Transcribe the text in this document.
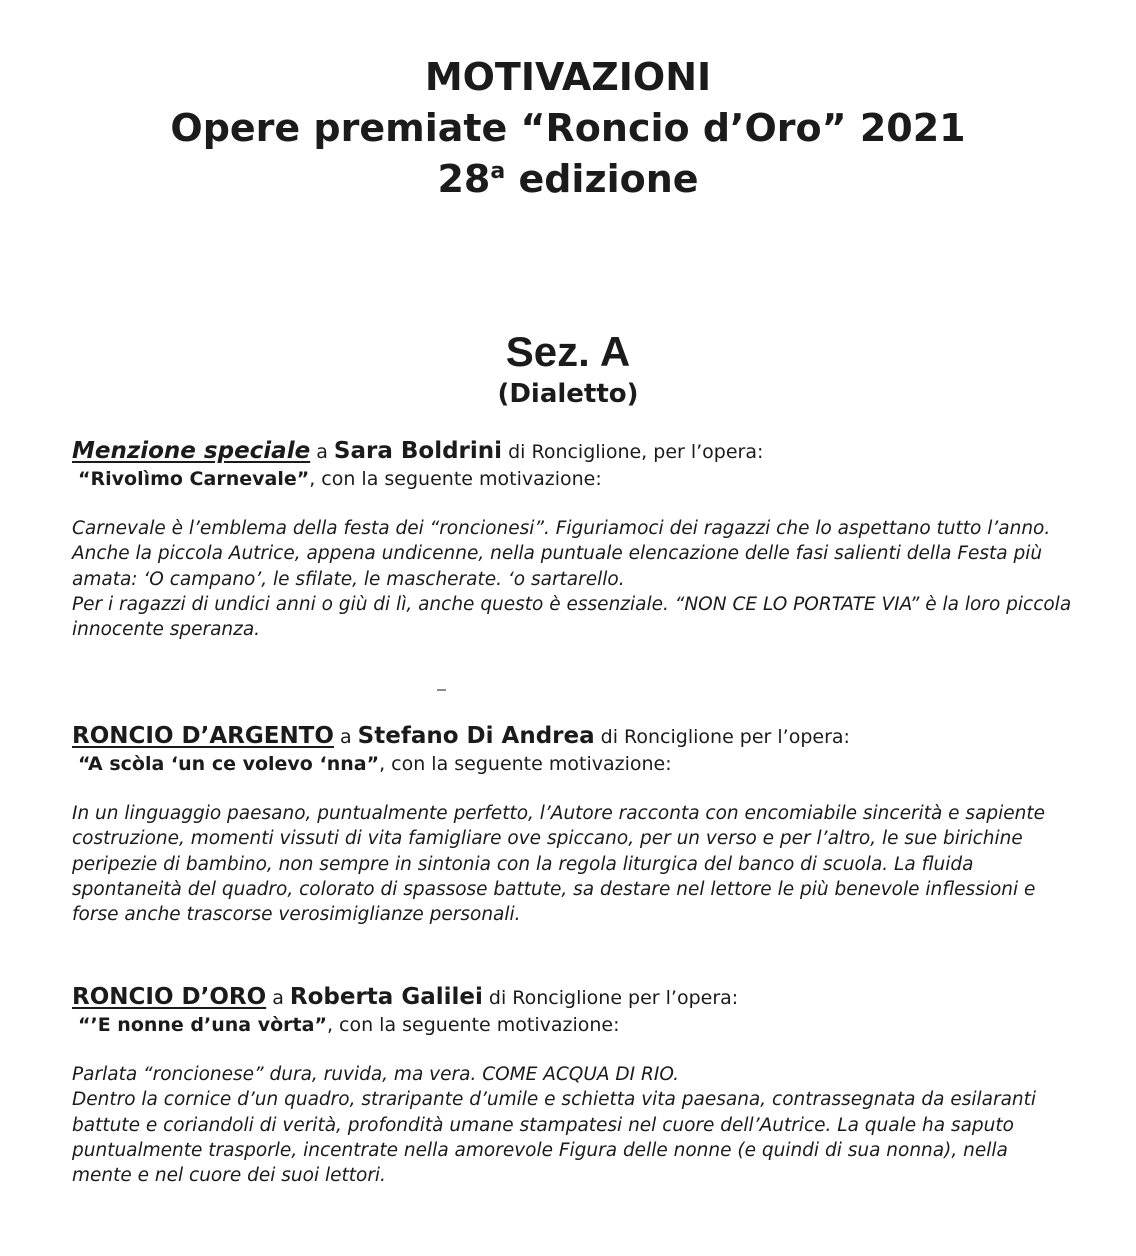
MOTIVAZIONI
Opere premiate “Roncio d’Oro” 2021
28$^a$ edizione
Sez. A
(Dialetto)
Menzione speciale a Sara Boldrini di Ronciglione, per l’opera:
“Rivolìmo Carnevale”, con la seguente motivazione:
Carnevale è l’emblema della festa dei “roncionesi”. Figuriamoci dei ragazzi che lo aspettano tutto l’anno.
Anche la piccola Autrice, appena undicenne, nella puntuale elencazione delle fasi salienti della Festa più amata: ‘O campano’, le sfilate, le mascherate. ‘o sartarello.
Per i ragazzi di undici anni o giù di lì, anche questo è essenziale. “NON CE LO PORTATE VIA” è la loro piccola innocente speranza.
RONCIO D’ARGENTO a Stefano Di Andrea di Ronciglione per l’opera:
“A scòla ‘un ce volevo ‘nna”, con la seguente motivazione:
In un linguaggio paesano, puntualmente perfetto, l’Autore racconta con encomiabile sincerità e sapiente costruzione, momenti vissuti di vita famigliare ove spiccano, per un verso e per l’altro, le sue birichine peripezie di bambino, non sempre in sintonia con la regola liturgica del banco di scuola. La fluida spontaneità del quadro, colorato di spassose battute, sa destare nel lettore le più benevole inflessioni e forse anche trascorse verosimiglianze personali.
RONCIO D’ORO a Roberta Galilei di Ronciglione per l’opera:
“’E nonne d’una vòrta”, con la seguente motivazione:
Parlata “roncionese” dura, ruvida, ma vera. COME ACQUA DI RIO.
Dentro la cornice d’un quadro, straripante d’umile e schietta vita paesana, contrassegnata da esilaranti battute e coriandoli di verità, profondità umane stampatesi nel cuore dell’Autrice. La quale ha saputo puntualmente trasporle, incentrate nella amorevole Figura delle nonne (e quindi di sua nonna), nella mente e nel cuore dei suoi lettori.
